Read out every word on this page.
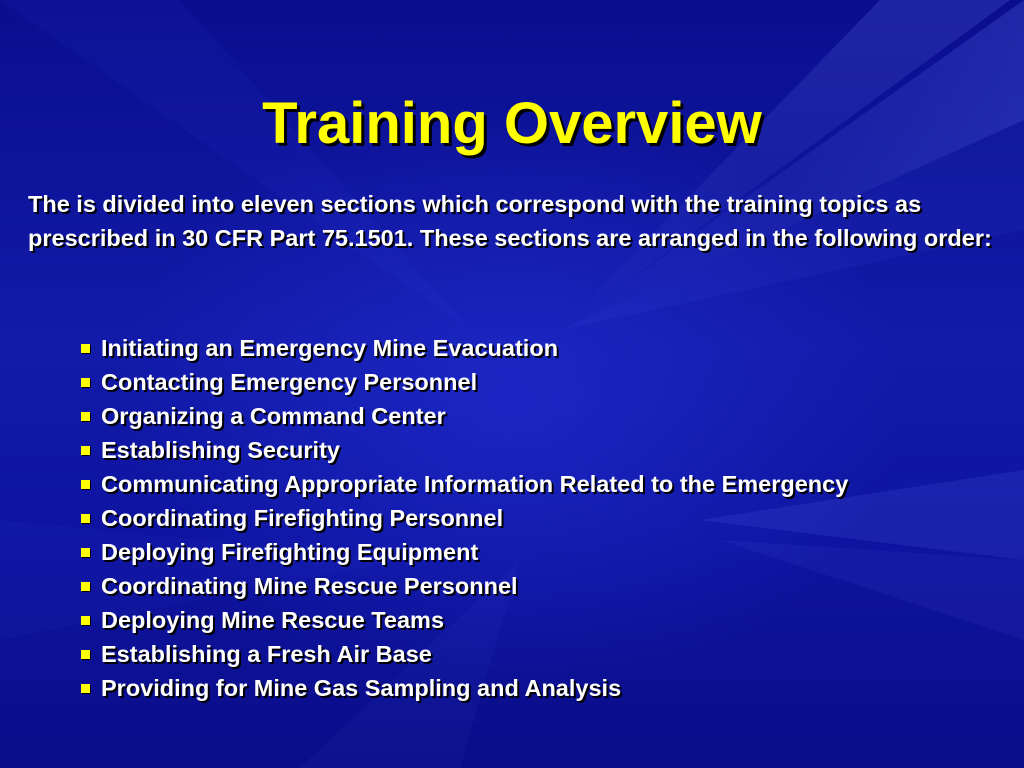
Training Overview

The is divided into eleven sections which correspond with the training topics as prescribed in 30 CFR Part 75.1501. These sections are arranged in the following order:

Initiating an Emergency Mine Evacuation
Contacting Emergency Personnel
Organizing a Command Center
Establishing Security
Communicating Appropriate Information Related to the Emergency
Coordinating Firefighting Personnel
Deploying Firefighting Equipment
Coordinating Mine Rescue Personnel
Deploying Mine Rescue Teams
Establishing a Fresh Air Base
Providing for Mine Gas Sampling and Analysis
